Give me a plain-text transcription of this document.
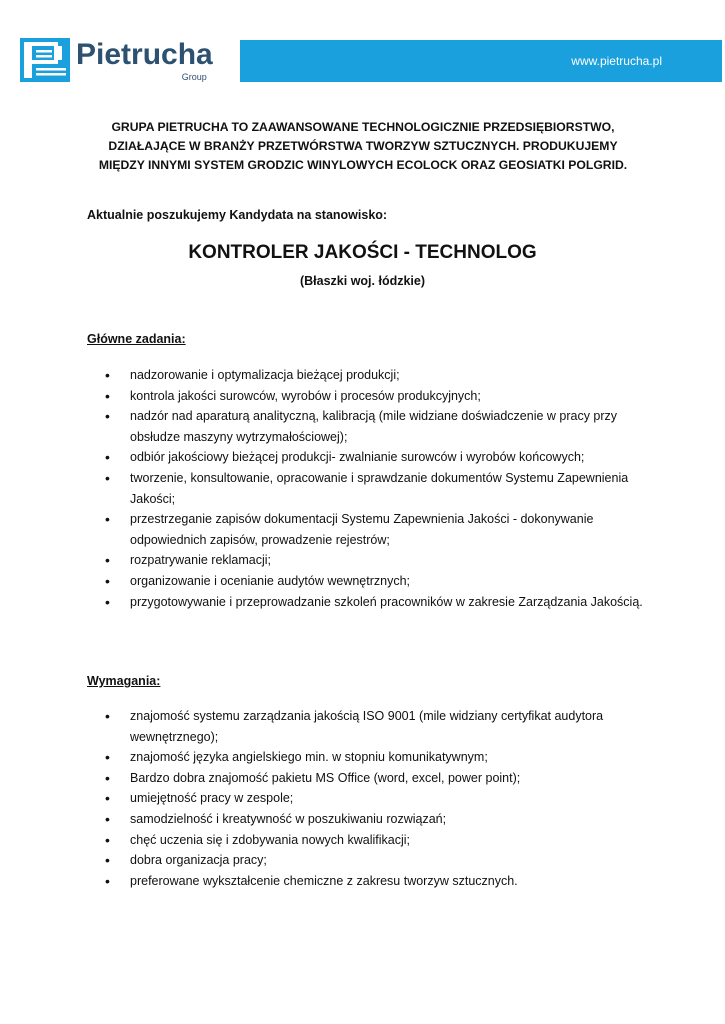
Pietrucha
Group
www.pietrucha.pl
GRUPA PIETRUCHA TO ZAAWANSOWANE TECHNOLOGICZNIE PRZEDSIĘBIORSTWO,
DZIAŁAJĄCE W BRANŻY PRZETWÓRSTWA TWORZYW SZTUCZNYCH. PRODUKUJEMY
MIĘDZY INNYMI SYSTEM GRODZIC WINYLOWYCH ECOLOCK ORAZ GEOSIATKI POLGRID.
Aktualnie poszukujemy Kandydata na stanowisko:
KONTROLER JAKOŚCI - TECHNOLOG
(Błaszki woj. łódzkie)
Główne zadania:
• nadzorowanie i optymalizacja bieżącej produkcji;
• kontrola jakości surowców, wyrobów i procesów produkcyjnych;
• nadzór nad aparaturą analityczną, kalibracją (mile widziane doświadczenie w pracy przy obsłudze maszyny wytrzymałościowej);
• odbiór jakościowy bieżącej produkcji- zwalnianie surowców i wyrobów końcowych;
• tworzenie, konsultowanie, opracowanie i sprawdzanie dokumentów Systemu Zapewnienia Jakości;
• przestrzeganie zapisów dokumentacji Systemu Zapewnienia Jakości - dokonywanie odpowiednich zapisów, prowadzenie rejestrów;
• rozpatrywanie reklamacji;
• organizowanie i ocenianie audytów wewnętrznych;
• przygotowywanie i przeprowadzanie szkoleń pracowników w zakresie Zarządzania Jakością.
Wymagania:
• znajomość systemu zarządzania jakością ISO 9001 (mile widziany certyfikat audytora wewnętrznego);
• znajomość języka angielskiego min. w stopniu komunikatywnym;
• Bardzo dobra znajomość pakietu MS Office (word, excel, power point);
• umiejętność pracy w zespole;
• samodzielność i kreatywność w poszukiwaniu rozwiązań;
• chęć uczenia się i zdobywania nowych kwalifikacji;
• dobra organizacja pracy;
• preferowane wykształcenie chemiczne z zakresu tworzyw sztucznych.
